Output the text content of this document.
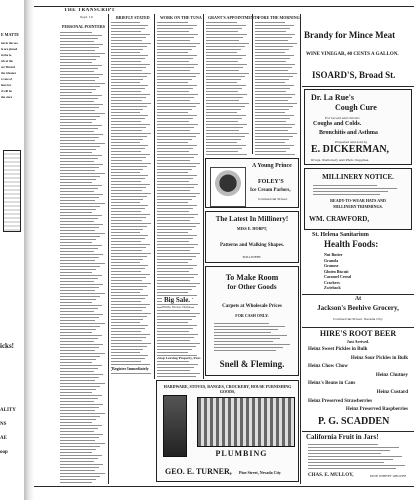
E MATTE
ine in the sea
le are placed
in the lo
ich of the
ast Thursd
the Gleaner
a vote of
here for
d will be
the store
icks!
ALITY
NS
AE
oop
THE TRANSCRIPT
Sept. 19
PERSONAL POINTERS
BRIEFLY STATED	WORK ON THE TUNA GRANT'S APPOINTMENTS FORE THE MORNING
Big Sale.
White Stone China
Stop Leaving Property, Furs
Register Immediately
A Young Prince
FOLEY'S
Ice Cream Parlors,
Commercial Street.
The Latest In Millinery!
MISS E. HOBPT,
Patterns and Walking Shapes.
MILLINERY.
To Make Room
for Other Goods
Carpets at Wholesale Prices
FOR CASH ONLY.
Snell & Fleming.
HARDWARE, STOVES, RANGES, CROCKERY, HOUSE FURNISHING GOODS,
PLUMBING
GEO. E. TURNER, Pine Street, Nevada City
Brandy for Mince Meat
WINE VINEGAR, 40 CENTS A GALLON.
ISOARD'S, Broad St.
Dr. La Rue's
Cough Cure
For recent and chronic
Coughs and Colds.
Bronchitis and Asthma
Prepared and sold by
E. DICKERMAN,
Drugs, Stationery and Photo Supplies.
MILLINERY NOTICE.
READY-TO-WEAR HATS AND
MILLINERY TRIMMINGS.
WM. CRAWFORD,
St. Helena Sanitarium
Health Foods:
Nut Butter
Granola
Granose
Gluten Biscuit
Caramel Cereal
Crackers
Zwieback
At
Jackson's Beehive Grocery,
Commercial Street, Nevada City.
HIRE'S ROOT BEER
Just Arrived.
Heinz Sweet Pickles in Bulk
Heinz Sour Pickles in Bulk
Heinz Chow Chow
Heinz Chutney
Heinz's Beans in Cans
Heinz Custard
Heinz Preserved Strawberries
Heinz Preserved Raspberries
P. G. SCADDEN
California Fruit in Jars!
CHAS. E. MULLOY,	PINE STREET GROCER
